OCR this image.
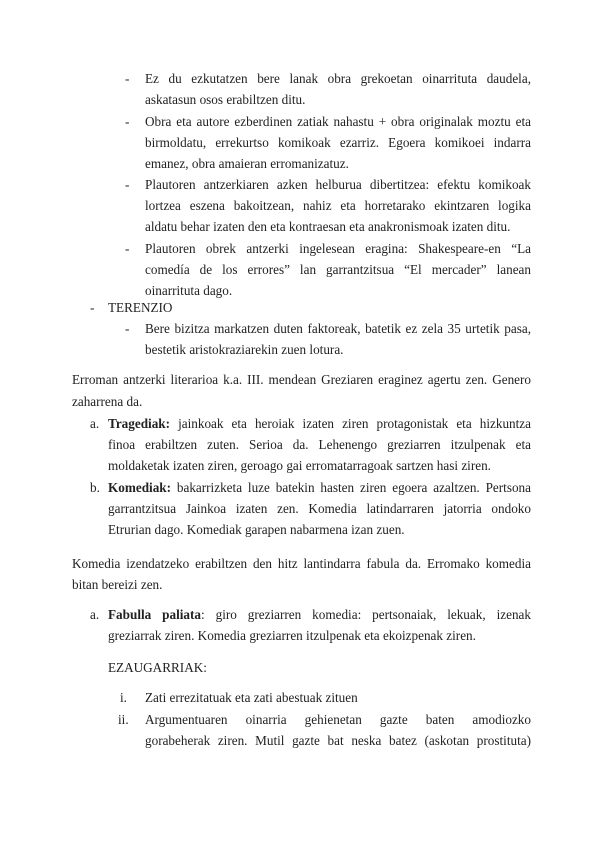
- Ez du ezkutatzen bere lanak obra grekoetan oinarrituta daudela,
askatasun osos erabiltzen ditu.
- Obra eta autore ezberdinen zatiak nahastu + obra originalak moztu eta
birmoldatu, errekurtso komikoak ezarriz. Egoera komikoei indarra
emanez, obra amaieran erromanizatuz.
- Plautoren antzerkiaren azken helburua dibertitzea: efektu komikoak
lortzea eszena bakoitzean, nahiz eta horretarako ekintzaren logika
aldatu behar izaten den eta kontraesan eta anakronismoak izaten ditu.
- Plautoren obrek antzerki ingelesean eragina: Shakespeare-en “La
comedía de los errores” lan garrantzitsua “El mercader” lanean
oinarrituta dago.
- TERENZIO
- Bere bizitza markatzen duten faktoreak, batetik ez zela 35 urtetik pasa,
bestetik aristokraziarekin zuen lotura.
Erroman antzerki literarioa k.a. III. mendean Greziaren eraginez agertu zen. Genero
zaharrena da.
a. Tragediak: jainkoak eta heroiak izaten ziren protagonistak eta hizkuntza
finoa erabiltzen zuten. Serioa da. Lehenengo greziarren itzulpenak eta
moldaketak izaten ziren, geroago gai erromatarragoak sartzen hasi ziren.
b. Komediak: bakarrizketa luze batekin hasten ziren egoera azaltzen. Pertsona
garrantzitsua Jainkoa izaten zen. Komedia latindarraren jatorria ondoko
Etrurian dago. Komediak garapen nabarmena izan zuen.
Komedia izendatzeko erabiltzen den hitz lantindarra fabula da. Erromako komedia
bitan bereizi zen.
a. Fabulla paliata: giro greziarren komedia: pertsonaiak, lekuak, izenak
greziarrak ziren. Komedia greziarren itzulpenak eta ekoizpenak ziren.
EZAUGARRIAK:
i. Zati errezitatuak eta zati abestuak zituen
ii. Argumentuaren oinarria gehienetan gazte baten amodiozko
gorabeherak ziren. Mutil gazte bat neska batez (askotan prostituta)
